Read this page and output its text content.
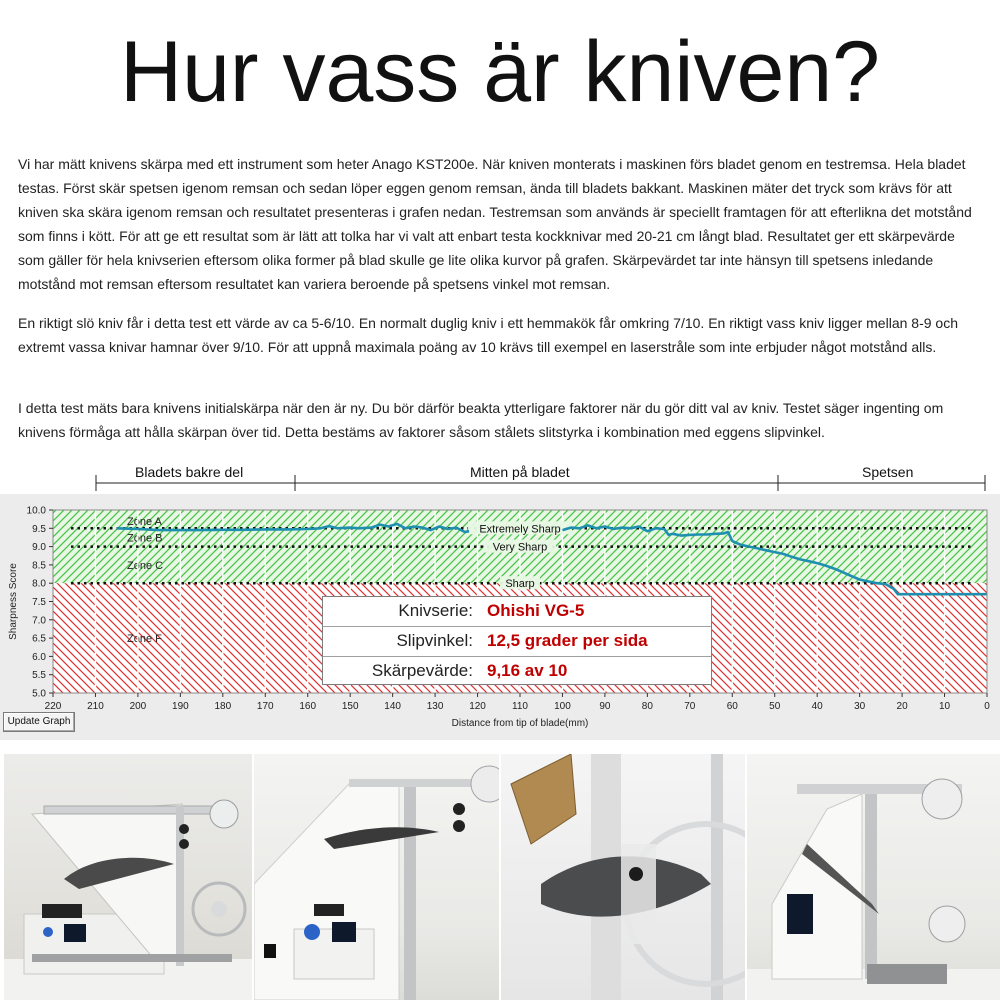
Hur vass är kniven?

Vi har mätt knivens skärpa med ett instrument som heter Anago KST200e. När kniven monterats i maskinen förs bladet genom en testremsa. Hela bladet testas. Först skär spetsen igenom remsan och sedan löper eggen genom remsan, ända till bladets bakkant. Maskinen mäter det tryck som krävs för att kniven ska skära igenom remsan och resultatet presenteras i grafen nedan. Testremsan som används är speciellt framtagen för att efterlikna det motstånd som finns i kött. För att ge ett resultat som är lätt att tolka har vi valt att enbart testa kockknivar med 20-21 cm långt blad. Resultatet ger ett skärpevärde som gäller för hela knivserien eftersom olika former på blad skulle ge lite olika kurvor på grafen. Skärpevärdet tar inte hänsyn till spetsens inledande motstånd mot remsan eftersom resultatet kan variera beroende på spetsens vinkel mot remsan.

En riktigt slö kniv får i detta test ett värde av ca 5-6/10. En normalt duglig kniv i ett hemmakök får omkring 7/10. En riktigt vass kniv ligger mellan 8-9 och extremt vassa knivar hamnar över 9/10. För att uppnå maximala poäng av 10 krävs till exempel en laserstråle som inte erbjuder något motstånd alls.

I detta test mäts bara knivens initialskärpa när den är ny. Du bör därför beakta ytterligare faktorer när du gör ditt val av kniv. Testet säger ingenting om knivens förmåga att hålla skärpan över tid. Detta bestäms av faktorer såsom stålets slitstyrka i kombination med eggens slipvinkel.

Bladets bakre del	Mitten på bladet	Spetsen
Zone A
Zone B
Zone C
Zone F
Extremely Sharp
Very Sharp
Sharp
10.0
9.5
9.0
8.5
8.0
7.5
7.0
6.5
6.0
5.5
5.0
220	210	200	190	180	170	160	150	140	130	120	110	100	90	80	70	60	50	40	30	20	10	0
Distance from tip of blade(mm)
Sharpness Score
Update Graph
Knivserie: Ohishi VG-5
Slipvinkel: 12,5 grader per sida
Skärpevärde: 9,16 av 10
